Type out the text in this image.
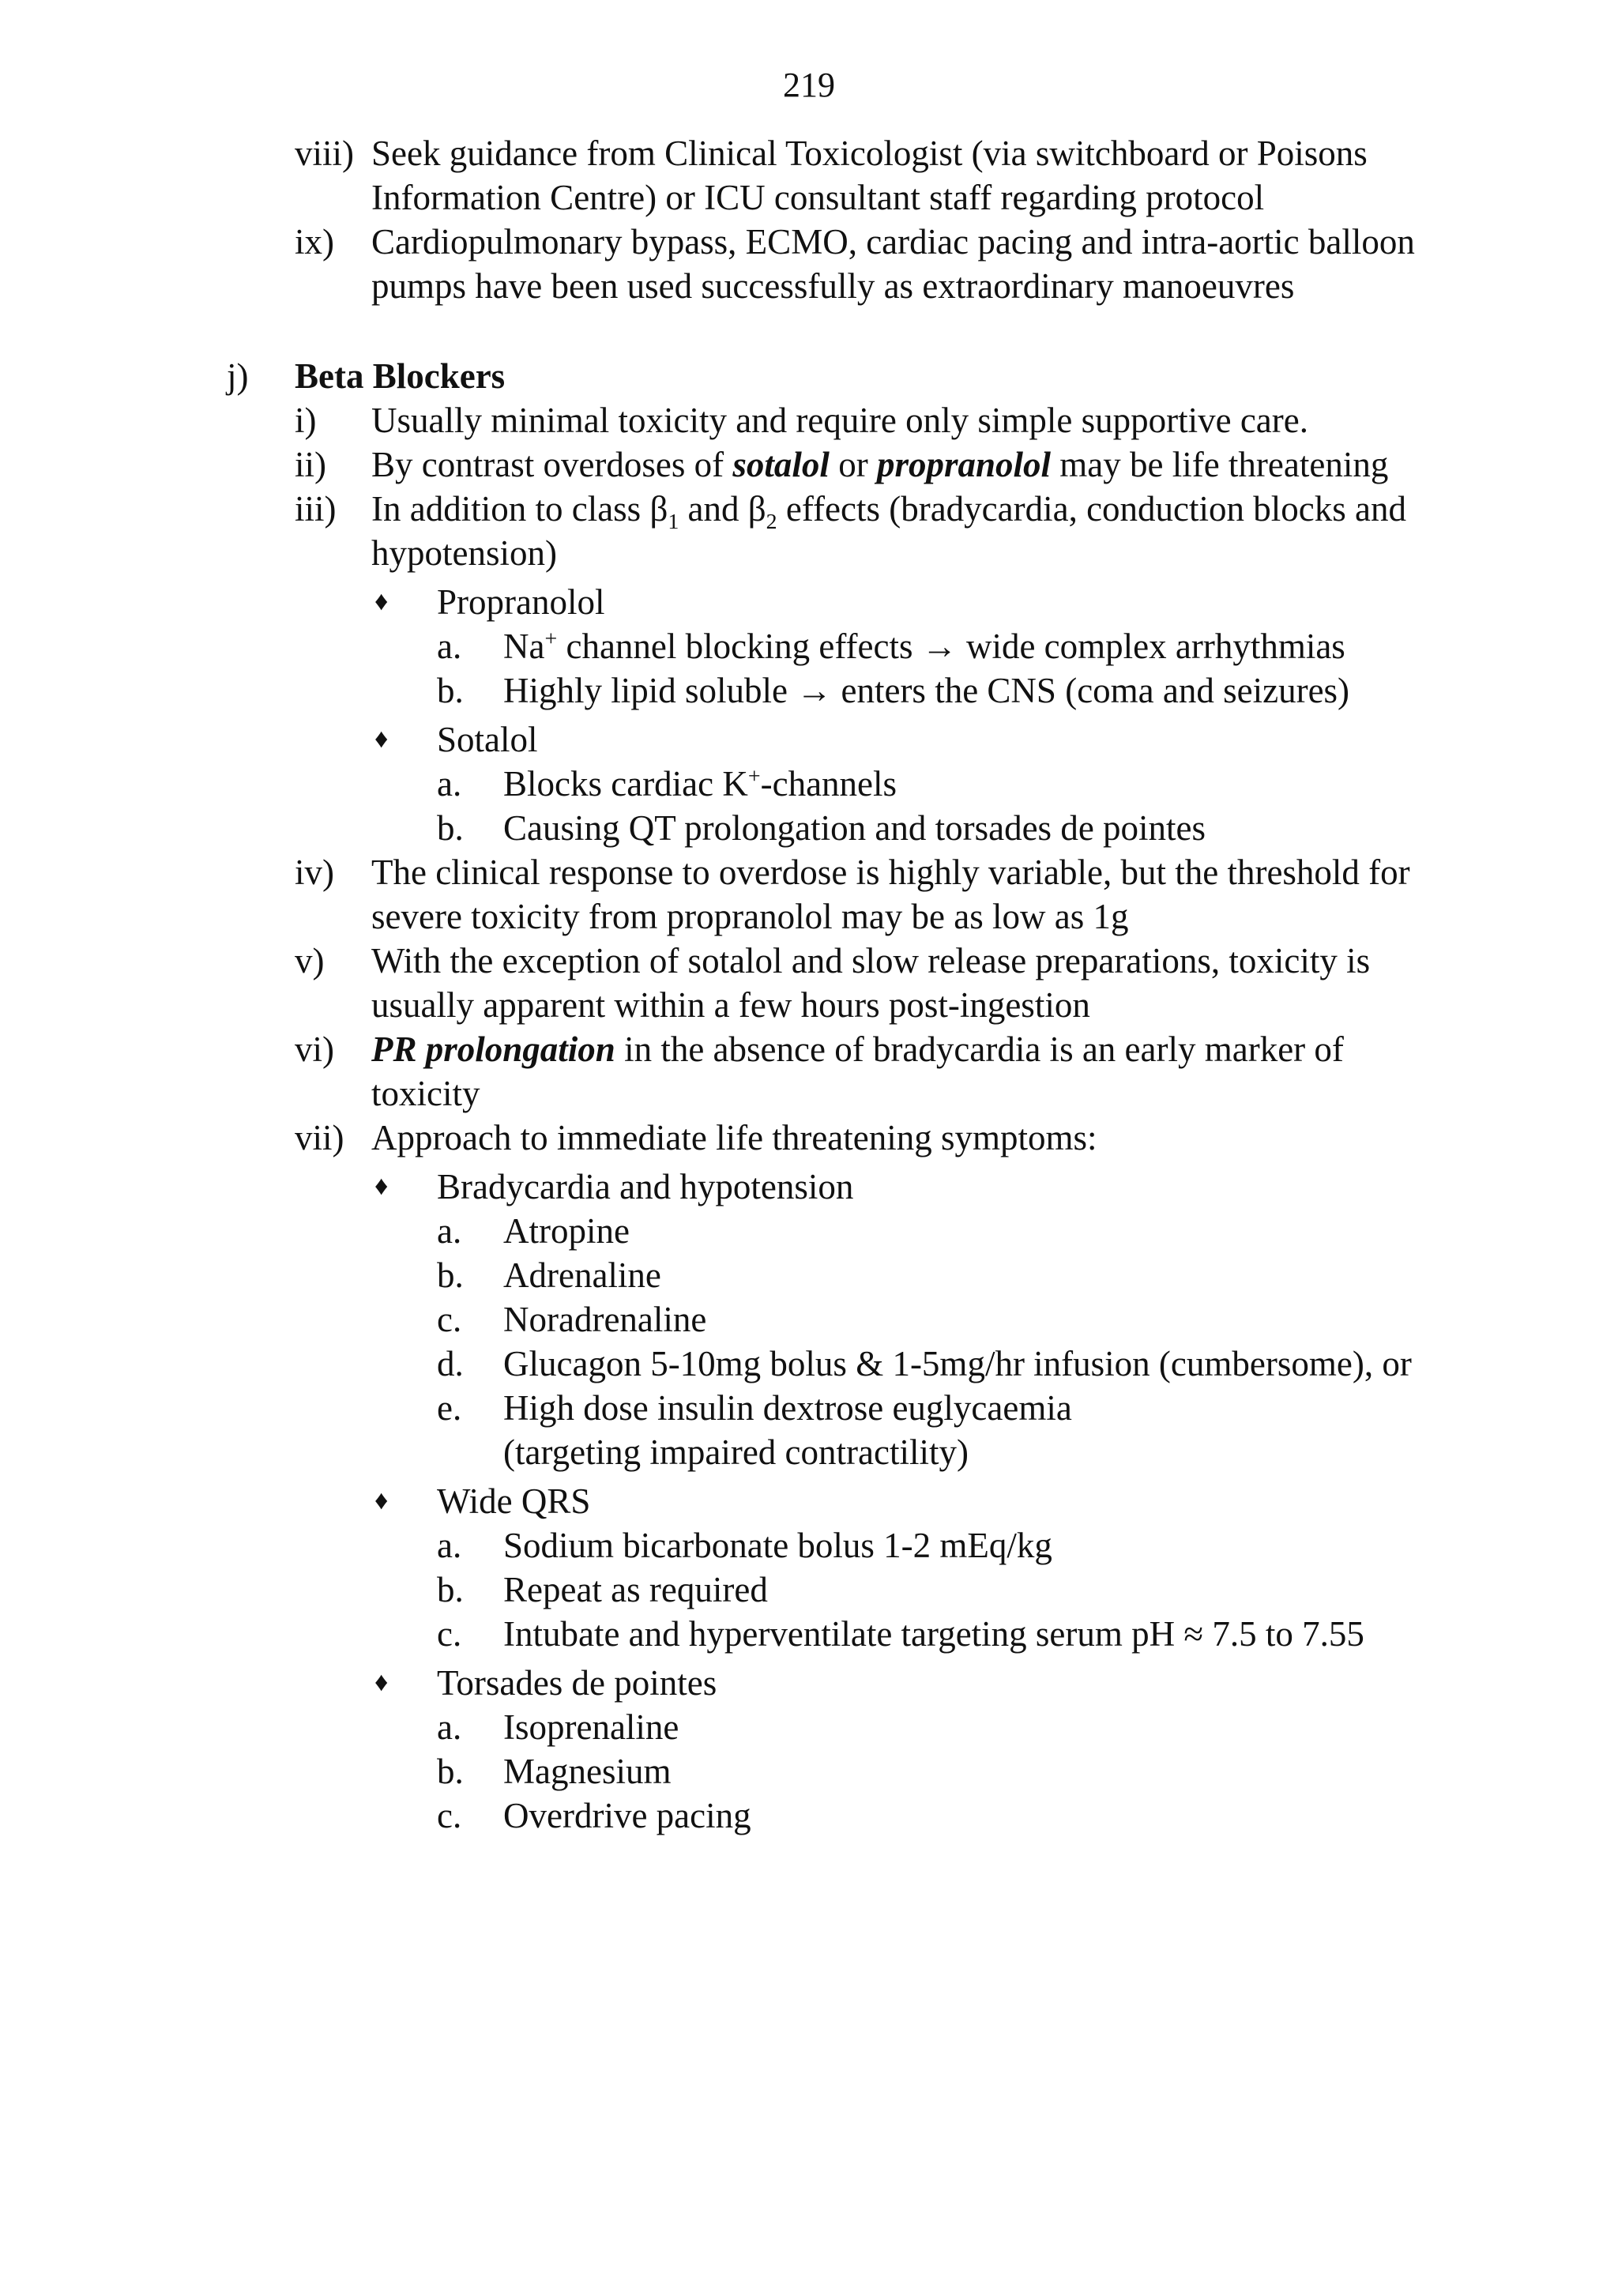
219
viii) Seek guidance from Clinical Toxicologist (via switchboard or Poisons
Information Centre) or ICU consultant staff regarding protocol
ix) Cardiopulmonary bypass, ECMO, cardiac pacing and intra-aortic balloon
pumps have been used successfully as extraordinary manoeuvres
j) Beta Blockers
i) Usually minimal toxicity and require only simple supportive care.
ii) By contrast overdoses of sotalol or propranolol may be life threatening
iii) In addition to class $\beta_1$ and $\beta_2$ effects (bradycardia, conduction blocks and
hypotension)
♦ Propranolol
a. Na+ channel blocking effects → wide complex arrhythmias
b. Highly lipid soluble → enters the CNS (coma and seizures)
♦ Sotalol
a. Blocks cardiac K+-channels
b. Causing QT prolongation and torsades de pointes
iv) The clinical response to overdose is highly variable, but the threshold for
severe toxicity from propranolol may be as low as 1g
v) With the exception of sotalol and slow release preparations, toxicity is
usually apparent within a few hours post-ingestion
vi) PR prolongation in the absence of bradycardia is an early marker of
toxicity
vii) Approach to immediate life threatening symptoms:
♦ Bradycardia and hypotension
a. Atropine
b. Adrenaline
c. Noradrenaline
d. Glucagon 5-10mg bolus & 1-5mg/hr infusion (cumbersome), or
e. High dose insulin dextrose euglycaemia
(targeting impaired contractility)
♦ Wide QRS
a. Sodium bicarbonate bolus 1-2 mEq/kg
b. Repeat as required
c. Intubate and hyperventilate targeting serum pH ≈ 7.5 to 7.55
♦ Torsades de pointes
a. Isoprenaline
b. Magnesium
c. Overdrive pacing
